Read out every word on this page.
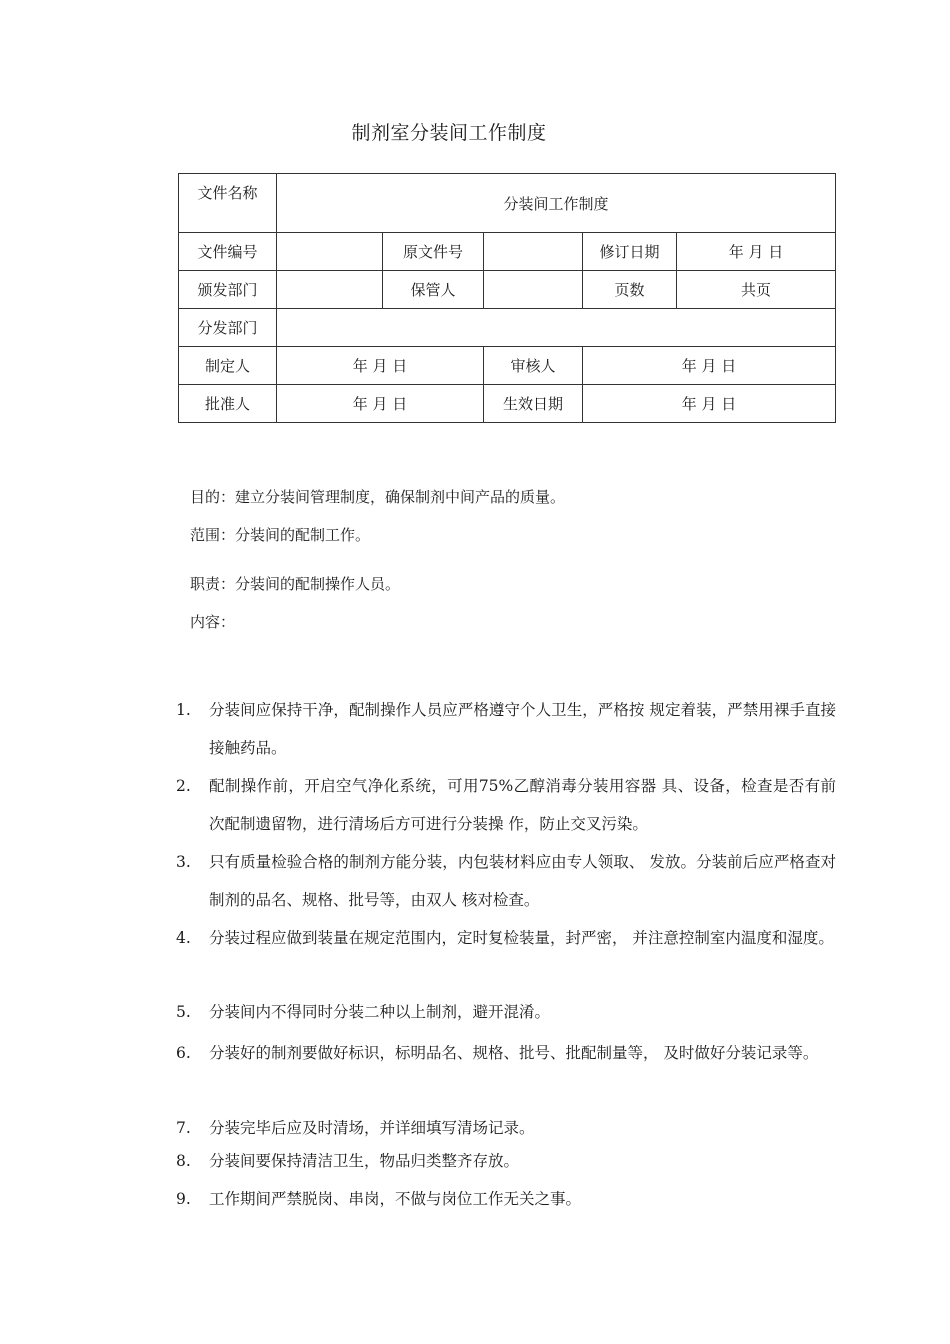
制剂室分装间工作制度
文件名称	分装间工作制度				
文件编号		原文件号		修订日期	年 月 日
颁发部门		保管人		页数	共页
分发部门					
制定人	年 月 日		审核人	年 月 日	
批准人	年 月 日		生效日期	年 月 日	
目的：建立分装间管理制度，确保制剂中间产品的质量。
范围：分装间的配制工作。
职责：分装间的配制操作人员。
内容：
1. 分装间应保持干净，配制操作人员应严格遵守个人卫生，严格按 规定着装，严禁用裸手直接接触药品。
2. 配制操作前，开启空气净化系统，可用75%乙醇消毒分装用容器 具、设备，检查是否有前次配制遗留物，进行清场后方可进行分装操 作，防止交叉污染。
3. 只有质量检验合格的制剂方能分装，内包装材料应由专人领取、 发放。分装前后应严格查对制剂的品名、规格、批号等，由双人 核对检查。
4. 分装过程应做到装量在规定范围内，定时复检装量，封严密， 并注意控制室内温度和湿度。
5. 分装间内不得同时分装二种以上制剂，避开混淆。
6. 分装好的制剂要做好标识，标明品名、规格、批号、批配制量等， 及时做好分装记录等。
7. 分装完毕后应及时清场，并详细填写清场记录。
8. 分装间要保持清洁卫生，物品归类整齐存放。
9. 工作期间严禁脱岗、串岗，不做与岗位工作无关之事。
